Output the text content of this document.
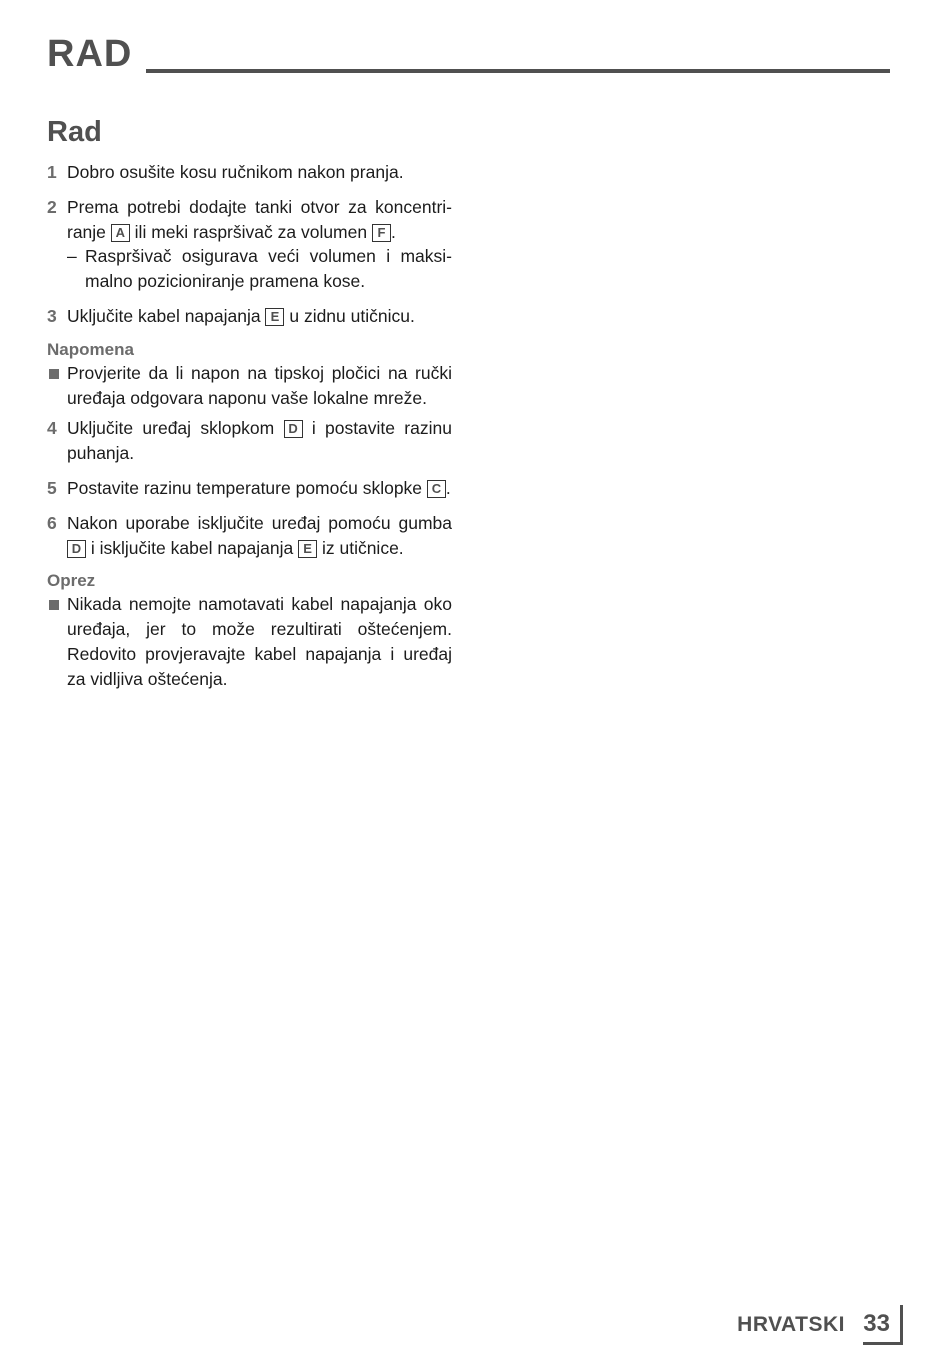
RAD
Rad
1 Dobro osušite kosu ručnikom nakon pranja.
2 Prema potrebi dodajte tanki otvor za koncentri-ranje A ili meki raspršivač za volumen F .
– Raspršivač osigurava veći volumen i maksi-malno pozicioniranje pramena kose.
3 Uključite kabel napajanja E u zidnu utičnicu.
Napomena
Provjerite da li napon na tipskoj pločici na ručki uređaja odgovara naponu vaše lokalne mreže.
4 Uključite uređaj sklopkom D i postavite razinu puhanja.
5 Postavite razinu temperature pomoću sklopke C .
6 Nakon uporabe isključite uređaj pomoću gumba D i isključite kabel napajanja E iz utičnice.
Oprez
Nikada nemojte namotavati kabel napajanja oko uređaja, jer to može rezultirati oštećenjem. Redovito provjeravajte kabel napajanja i uređaj za vidljiva oštećenja.
HRVATSKI 33
